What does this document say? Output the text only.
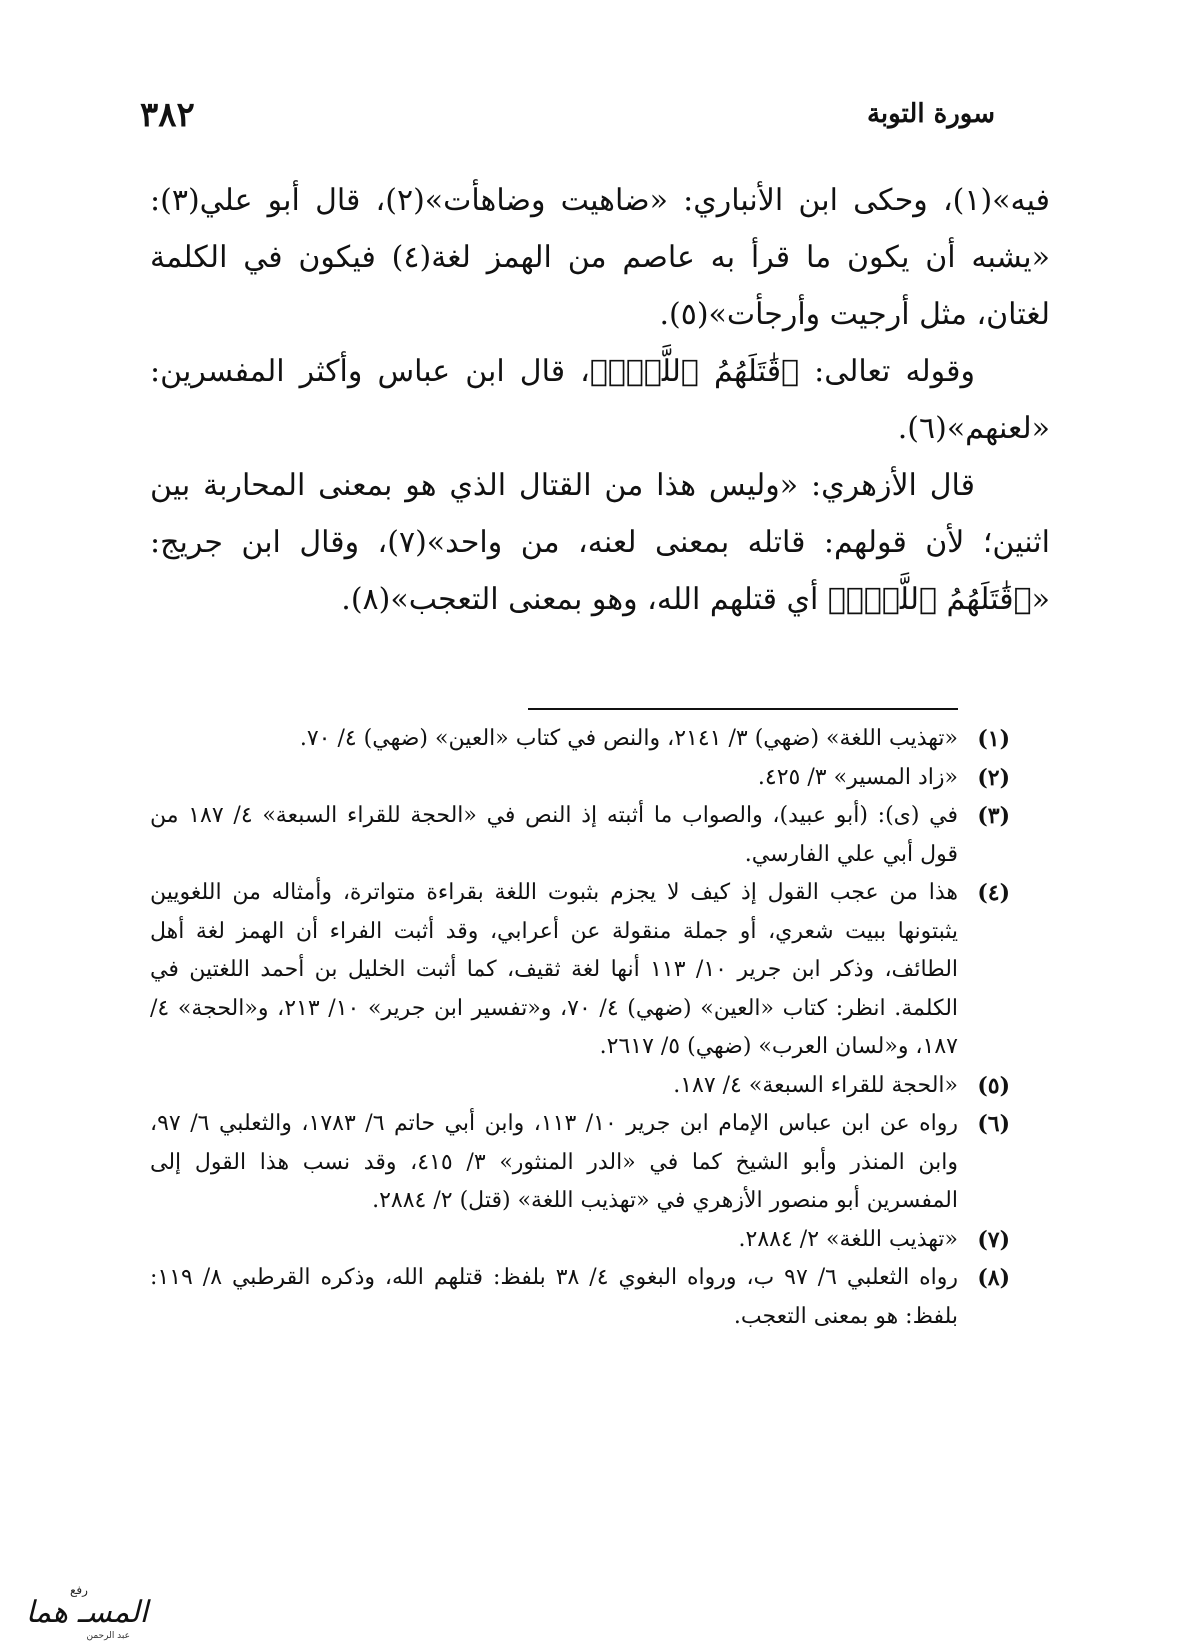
٣٨٢	سورة التوبة

فيه»(١)، وحكى ابن الأنباري: «ضاهيت وضاهأت»(٢)، قال أبو علي(٣): «يشبه أن يكون ما قرأ به عاصم من الهمز لغة(٤) فيكون في الكلمة لغتان، مثل أرجيت وأرجأت»(٥).

وقوله تعالى: ﴿قَٰتَلَهُمُ ٱللَّهُۚ﴾، قال ابن عباس وأكثر المفسرين: «لعنهم»(٦).

قال الأزهري: «وليس هذا من القتال الذي هو بمعنى المحاربة بين اثنين؛ لأن قولهم: قاتله بمعنى لعنه، من واحد»(٧)، وقال ابن جريج: «﴿قَٰتَلَهُمُ ٱللَّهُۚ﴾ أي قتلهم الله، وهو بمعنى التعجب»(٨).

(١)
«تهذيب اللغة» (ضهي) ٣/ ٢١٤١، والنص في كتاب «العين» (ضهي) ٤/ ٧٠.
(٢)
«زاد المسير» ٣/ ٤٢٥.
(٣)
في (ى): (أبو عبيد)، والصواب ما أثبته إذ النص في «الحجة للقراء السبعة» ٤/ ١٨٧ من قول أبي علي الفارسي.
(٤)
هذا من عجب القول إذ كيف لا يجزم بثبوت اللغة بقراءة متواترة، وأمثاله من اللغويين يثبتونها ببيت شعري، أو جملة منقولة عن أعرابي، وقد أثبت الفراء أن الهمز لغة أهل الطائف، وذكر ابن جرير ١٠/ ١١٣ أنها لغة ثقيف، كما أثبت الخليل بن أحمد اللغتين في الكلمة. انظر: كتاب «العين» (ضهي) ٤/ ٧٠، و«تفسير ابن جرير» ١٠/ ٢١٣، و«الحجة» ٤/ ١٨٧، و«لسان العرب» (ضهي) ٥/ ٢٦١٧.
(٥)
«الحجة للقراء السبعة» ٤/ ١٨٧.
(٦)
رواه عن ابن عباس الإمام ابن جرير ١٠/ ١١٣، وابن أبي حاتم ٦/ ١٧٨٣، والثعلبي ٦/ ٩٧، وابن المنذر وأبو الشيخ كما في «الدر المنثور» ٣/ ٤١٥، وقد نسب هذا القول إلى المفسرين أبو منصور الأزهري في «تهذيب اللغة» (قتل) ٢/ ٢٨٨٤.
(٧)
«تهذيب اللغة» ٢/ ٢٨٨٤.
(٨)
رواه الثعلبي ٦/ ٩٧ ب، ورواه البغوي ٤/ ٣٨ بلفظ: قتلهم الله، وذكره القرطبي ٨/ ١١٩: بلفظ: هو بمعنى التعجب.
رفع
المسـ هما
عبد الرحمن
